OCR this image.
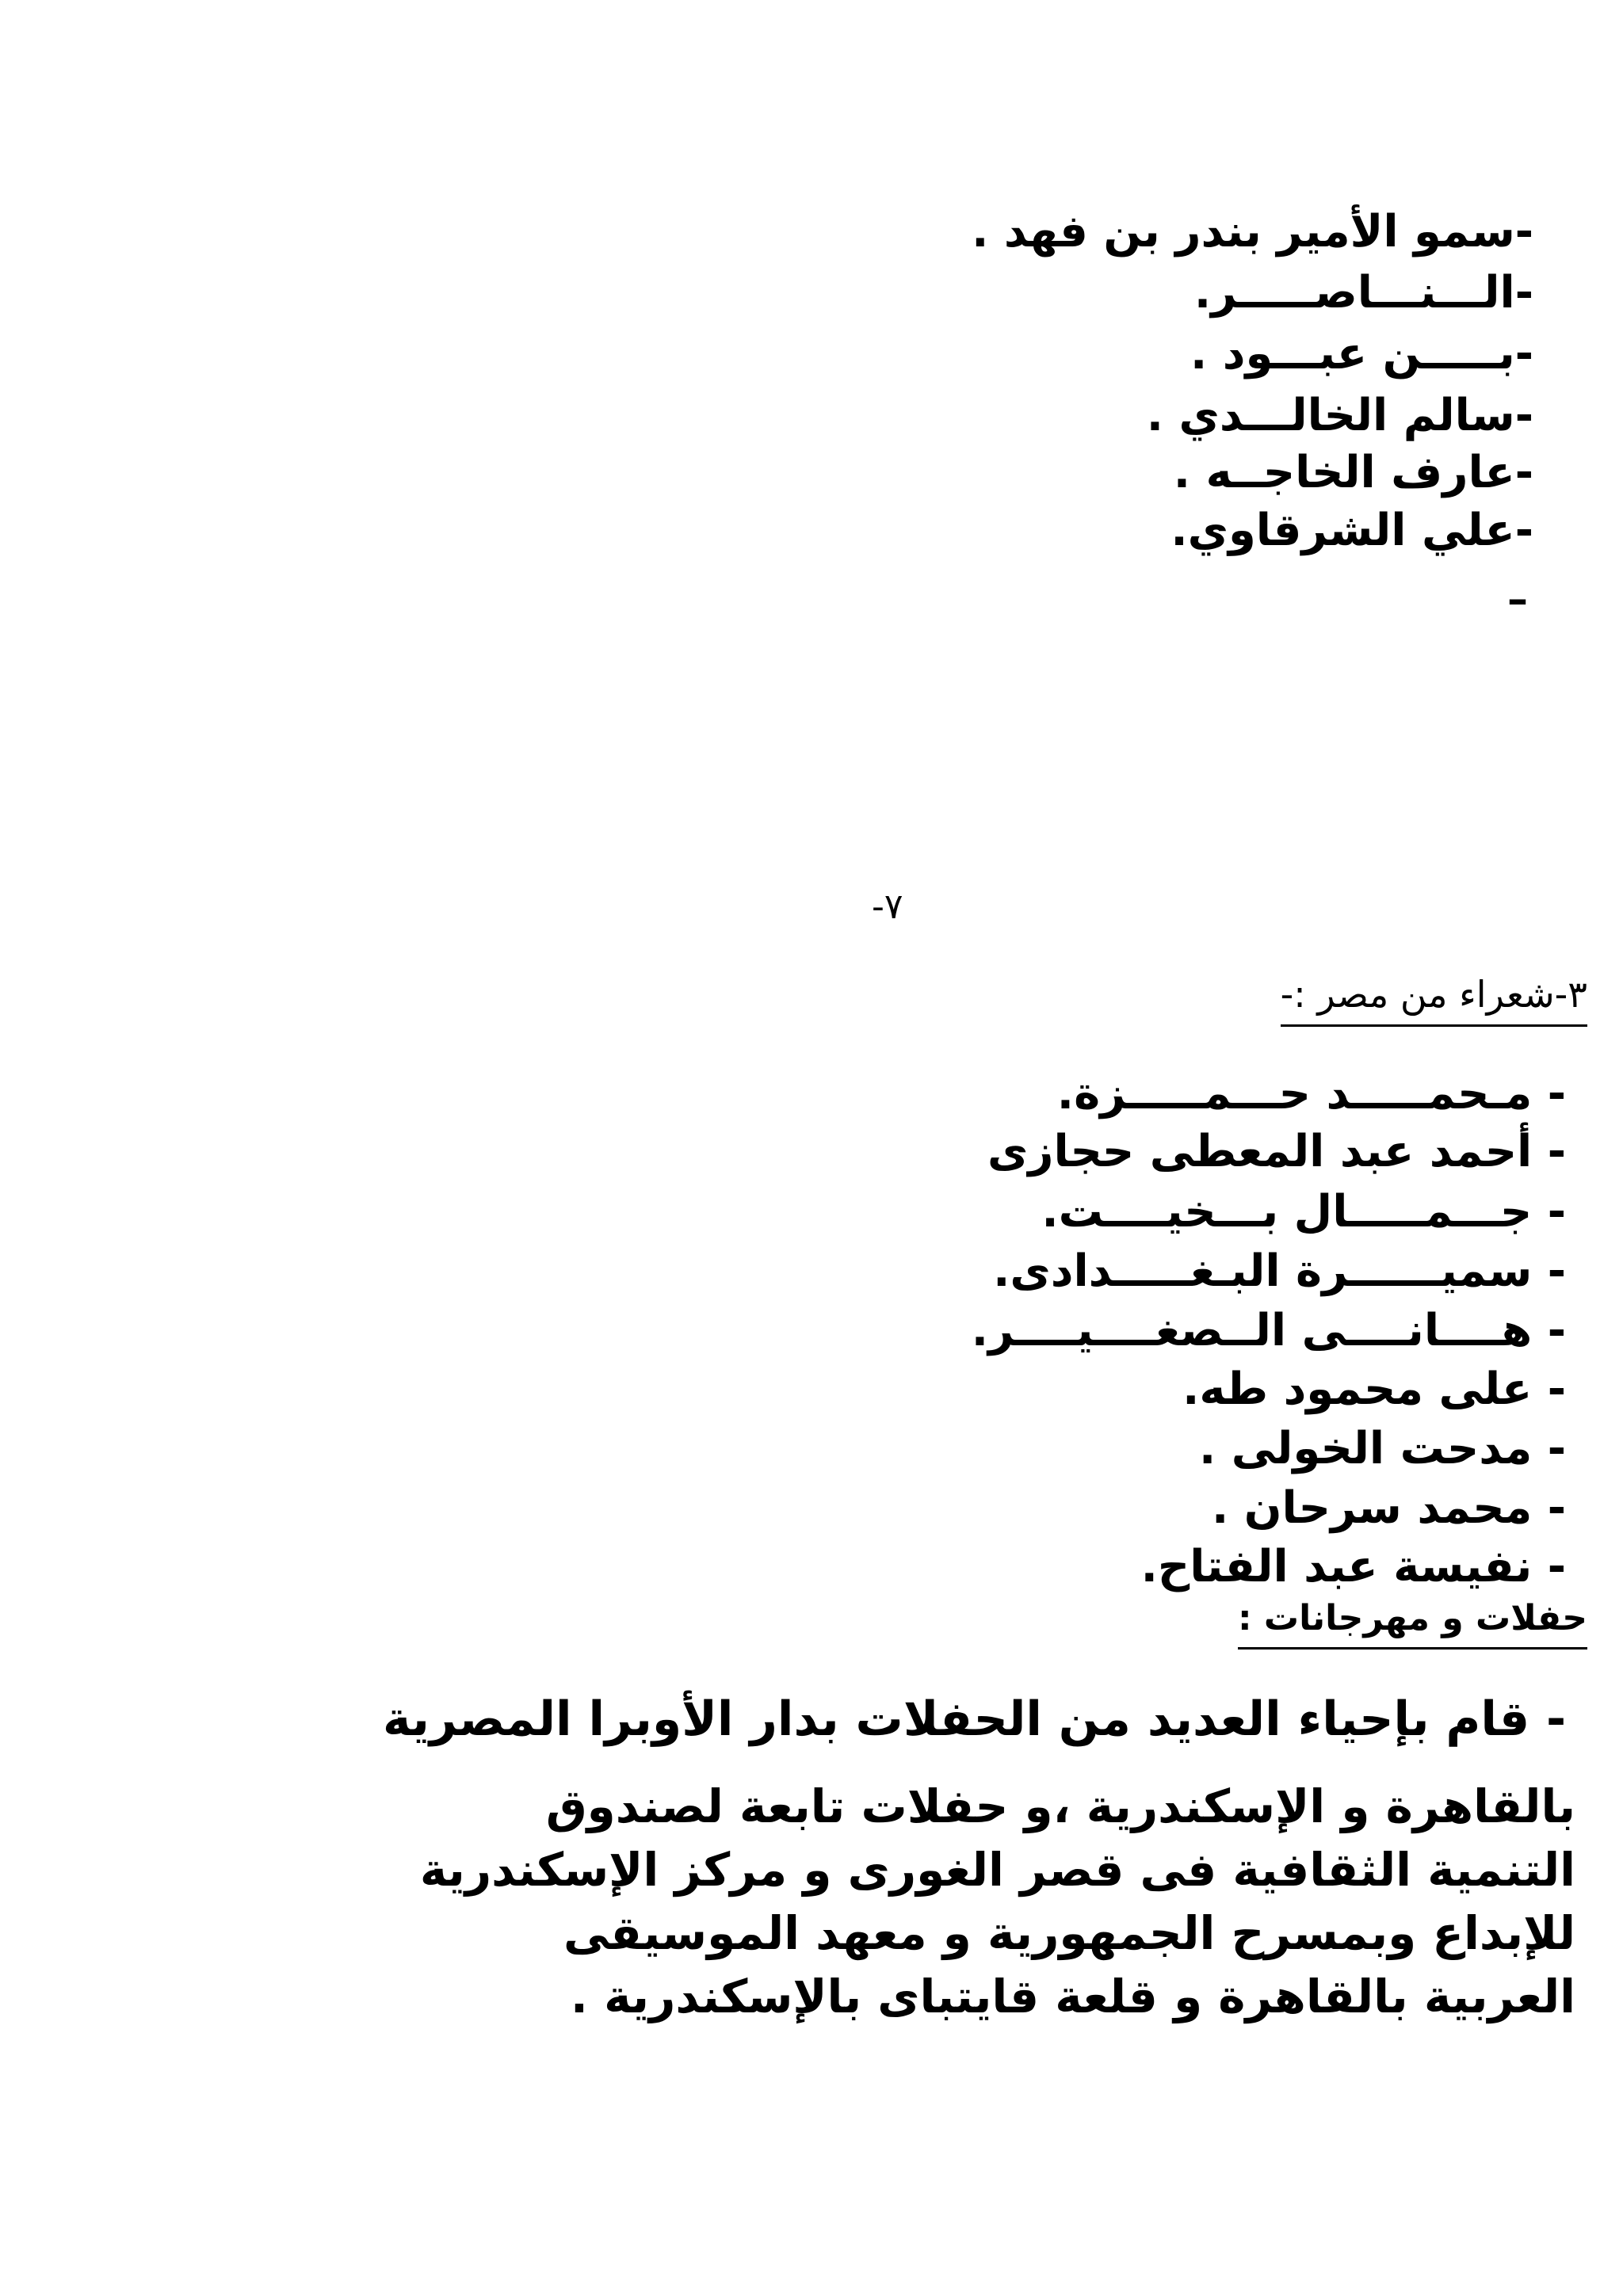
-سمو الأمير بندر بن فهد .
-الـــنـــاصـــــر.
-بـــــن عبـــود .
-سالم الخالـــدي .
-عارف الخاجــه .
-علي الشرقاوي.
–
٧-
٣-شعراء من مصر :-
- مـحمـــــد حـــمـــــزة.
- أحمد عبد المعطى حجازى
- جـــمـــــال بـــخيــــت.
- سميــــــرة البـغـــــدادى.
- هــــانــــى الــصغــــيــــر.
- على محمود طه.
- مدحت الخولى .
- محمد سرحان .
- نفيسة عبد الفتاح.
حفلات و مهرجانات :
- قام بإحياء العديد من الحفلات بدار الأوبرا المصرية
بالقاهرة و الإسكندرية ،و حفلات تابعة لصندوق
التنمية الثقافية فى قصر الغورى و مركز الإسكندرية
للإبداع وبمسرح الجمهورية و معهد الموسيقى
العربية بالقاهرة و قلعة قايتباى بالإسكندرية .
